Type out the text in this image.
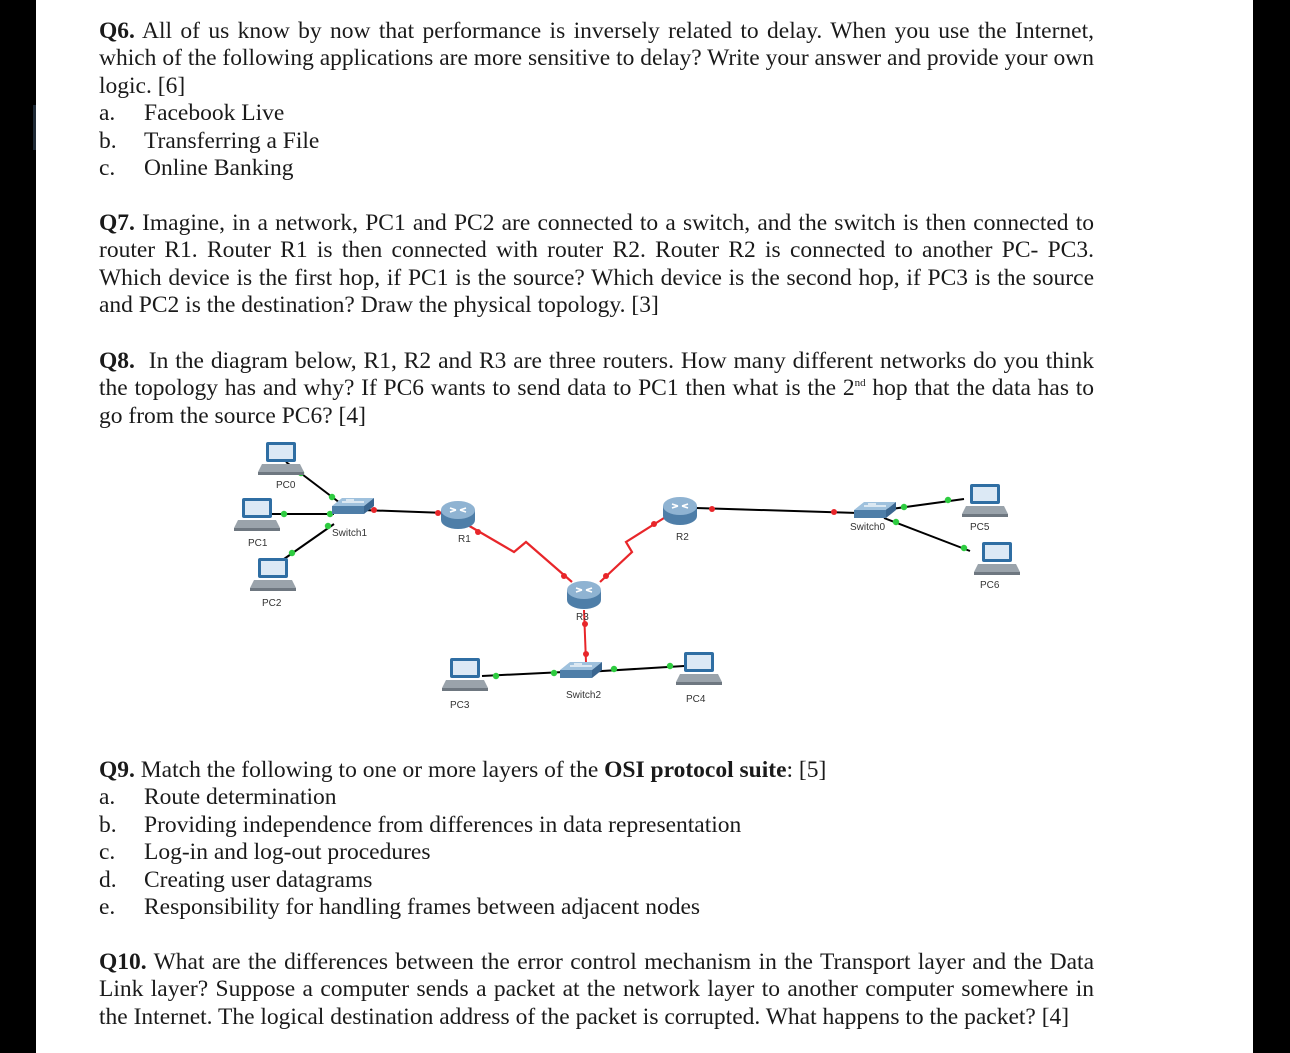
Q6. All of us know by now that performance is inversely related to delay. When you use the Internet, which of the following applications are more sensitive to delay? Write your answer and provide your own logic. [6]

a. Facebook Live
b. Transferring a File
c. Online Banking

Q7. Imagine, in a network, PC1 and PC2 are connected to a switch, and the switch is then connected to router R1. Router R1 is then connected with router R2. Router R2 is connected to another PC- PC3. Which device is the first hop, if PC1 is the source? Which device is the second hop, if PC3 is the source and PC2 is the destination? Draw the physical topology. [3]

Q8. In the diagram below, R1, R2 and R3 are three routers. How many different networks do you think the topology has and why? If PC6 wants to send data to PC1 then what is the 2nd hop that the data has to go from the source PC6? [4]

Q9. Match the following to one or more layers of the OSI protocol suite: [5]

a. Route determination
b. Providing independence from differences in data representation
c. Log-in and log-out procedures
d. Creating user datagrams
e. Responsibility for handling frames between adjacent nodes

Q10. What are the differences between the error control mechanism in the Transport layer and the Data Link layer? Suppose a computer sends a packet at the network layer to another computer somewhere in the Internet. The logical destination address of the packet is corrupted. What happens to the packet? [4]

PC0
PC1
PC2
Switch1
R1	R2
R3
Switch0	PC5
PC6
PC3
Switch2	PC4
